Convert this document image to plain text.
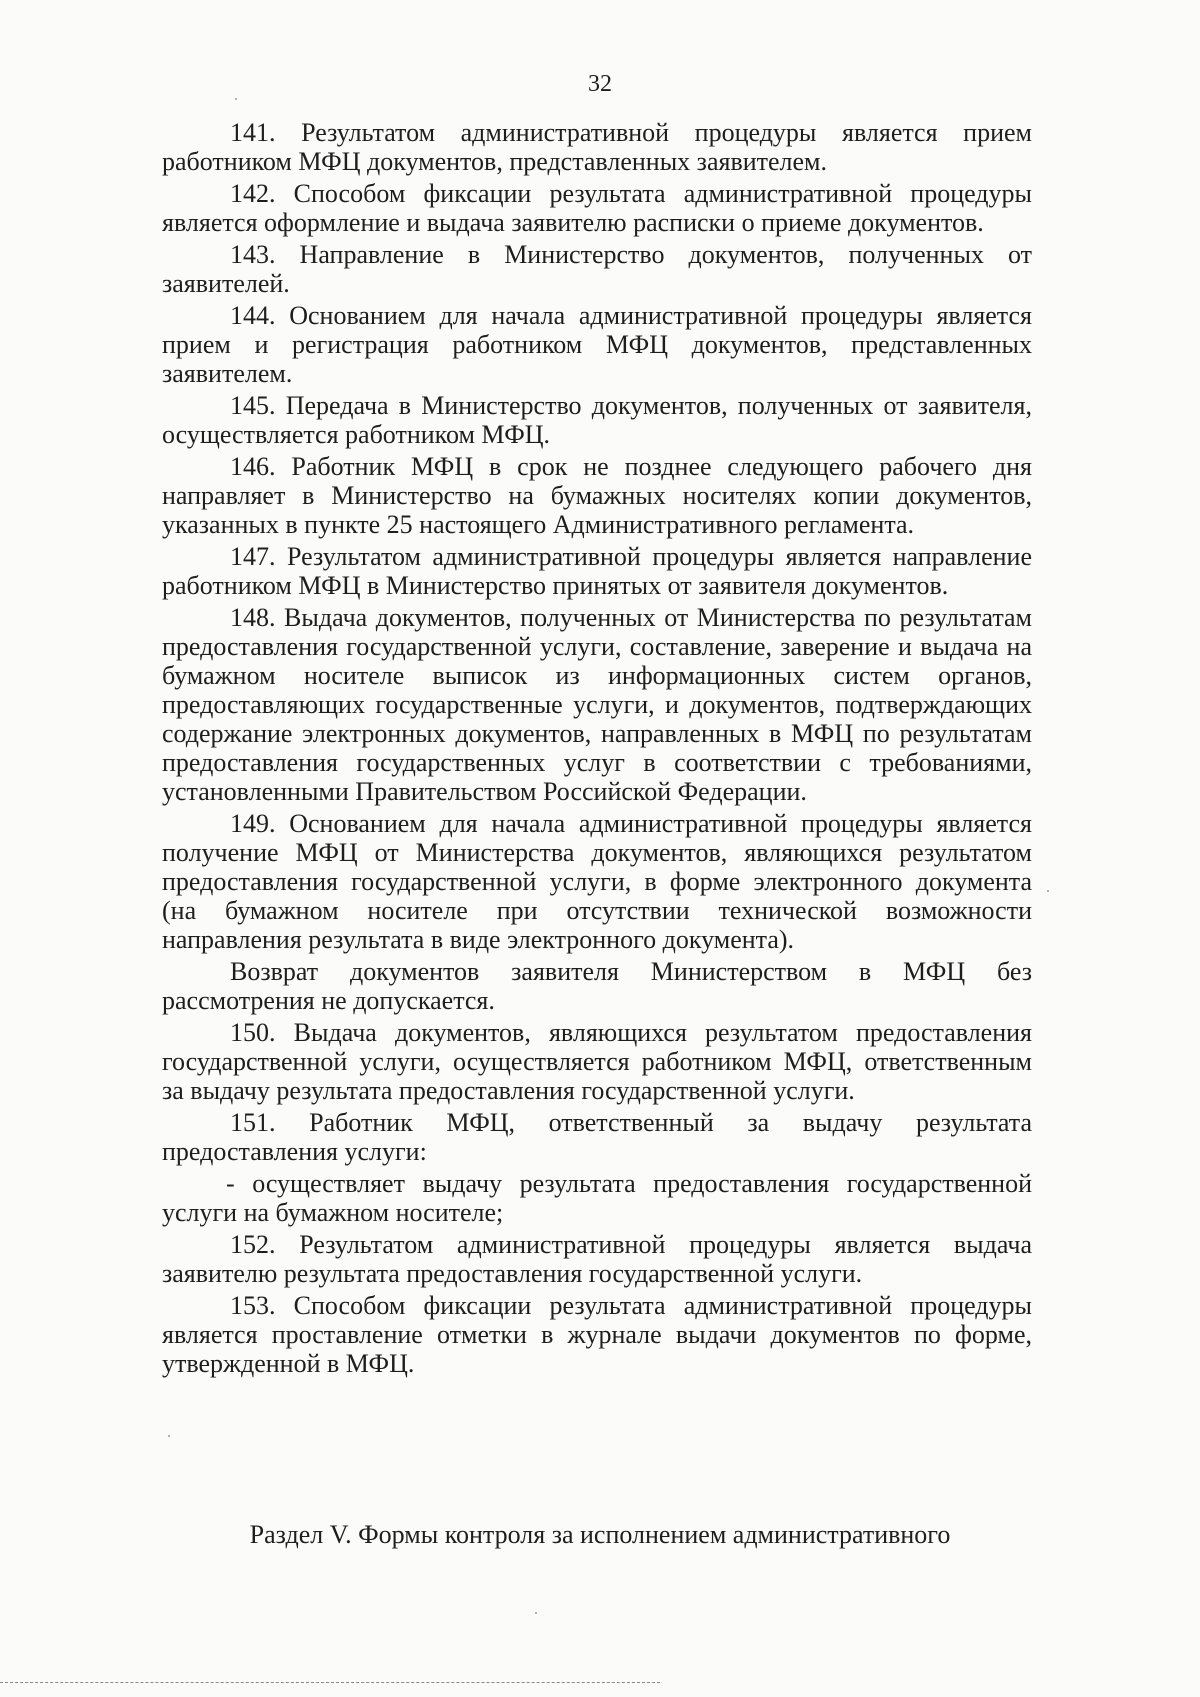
32

141. Результатом административной процедуры является прием работником МФЦ документов, представленных заявителем.

142. Способом фиксации результата административной процедуры является оформление и выдача заявителю расписки о приеме документов.

143. Направление в Министерство документов, полученных от заявителей.

144. Основанием для начала административной процедуры является прием и регистрация работником МФЦ документов, представленных заявителем.

145. Передача в Министерство документов, полученных от заявителя, осуществляется работником МФЦ.

146. Работник МФЦ в срок не позднее следующего рабочего дня направляет в Министерство на бумажных носителях копии документов, указанных в пункте 25 настоящего Административного регламента.

147. Результатом административной процедуры является направление работником МФЦ в Министерство принятых от заявителя документов.

148. Выдача документов, полученных от Министерства по результатам предоставления государственной услуги, составление, заверение и выдача на бумажном носителе выписок из информационных систем органов, предоставляющих государственные услуги, и документов, подтверждающих содержание электронных документов, направленных в МФЦ по результатам предоставления государственных услуг в соответствии с требованиями, установленными Правительством Российской Федерации.

149. Основанием для начала административной процедуры является получение МФЦ от Министерства документов, являющихся результатом предоставления государственной услуги, в форме электронного документа (на бумажном носителе при отсутствии технической возможности направления результата в виде электронного документа).

Возврат документов заявителя Министерством в МФЦ без рассмотрения не допускается.

150. Выдача документов, являющихся результатом предоставления государственной услуги, осуществляется работником МФЦ, ответственным за выдачу результата предоставления государственной услуги.

151. Работник МФЦ, ответственный за выдачу результата предоставления услуги:

- осуществляет выдачу результата предоставления государственной услуги на бумажном носителе;

152. Результатом административной процедуры является выдача заявителю результата предоставления государственной услуги.

153. Способом фиксации результата административной процедуры является проставление отметки в журнале выдачи документов по форме, утвержденной в МФЦ.

Раздел V. Формы контроля за исполнением административного
